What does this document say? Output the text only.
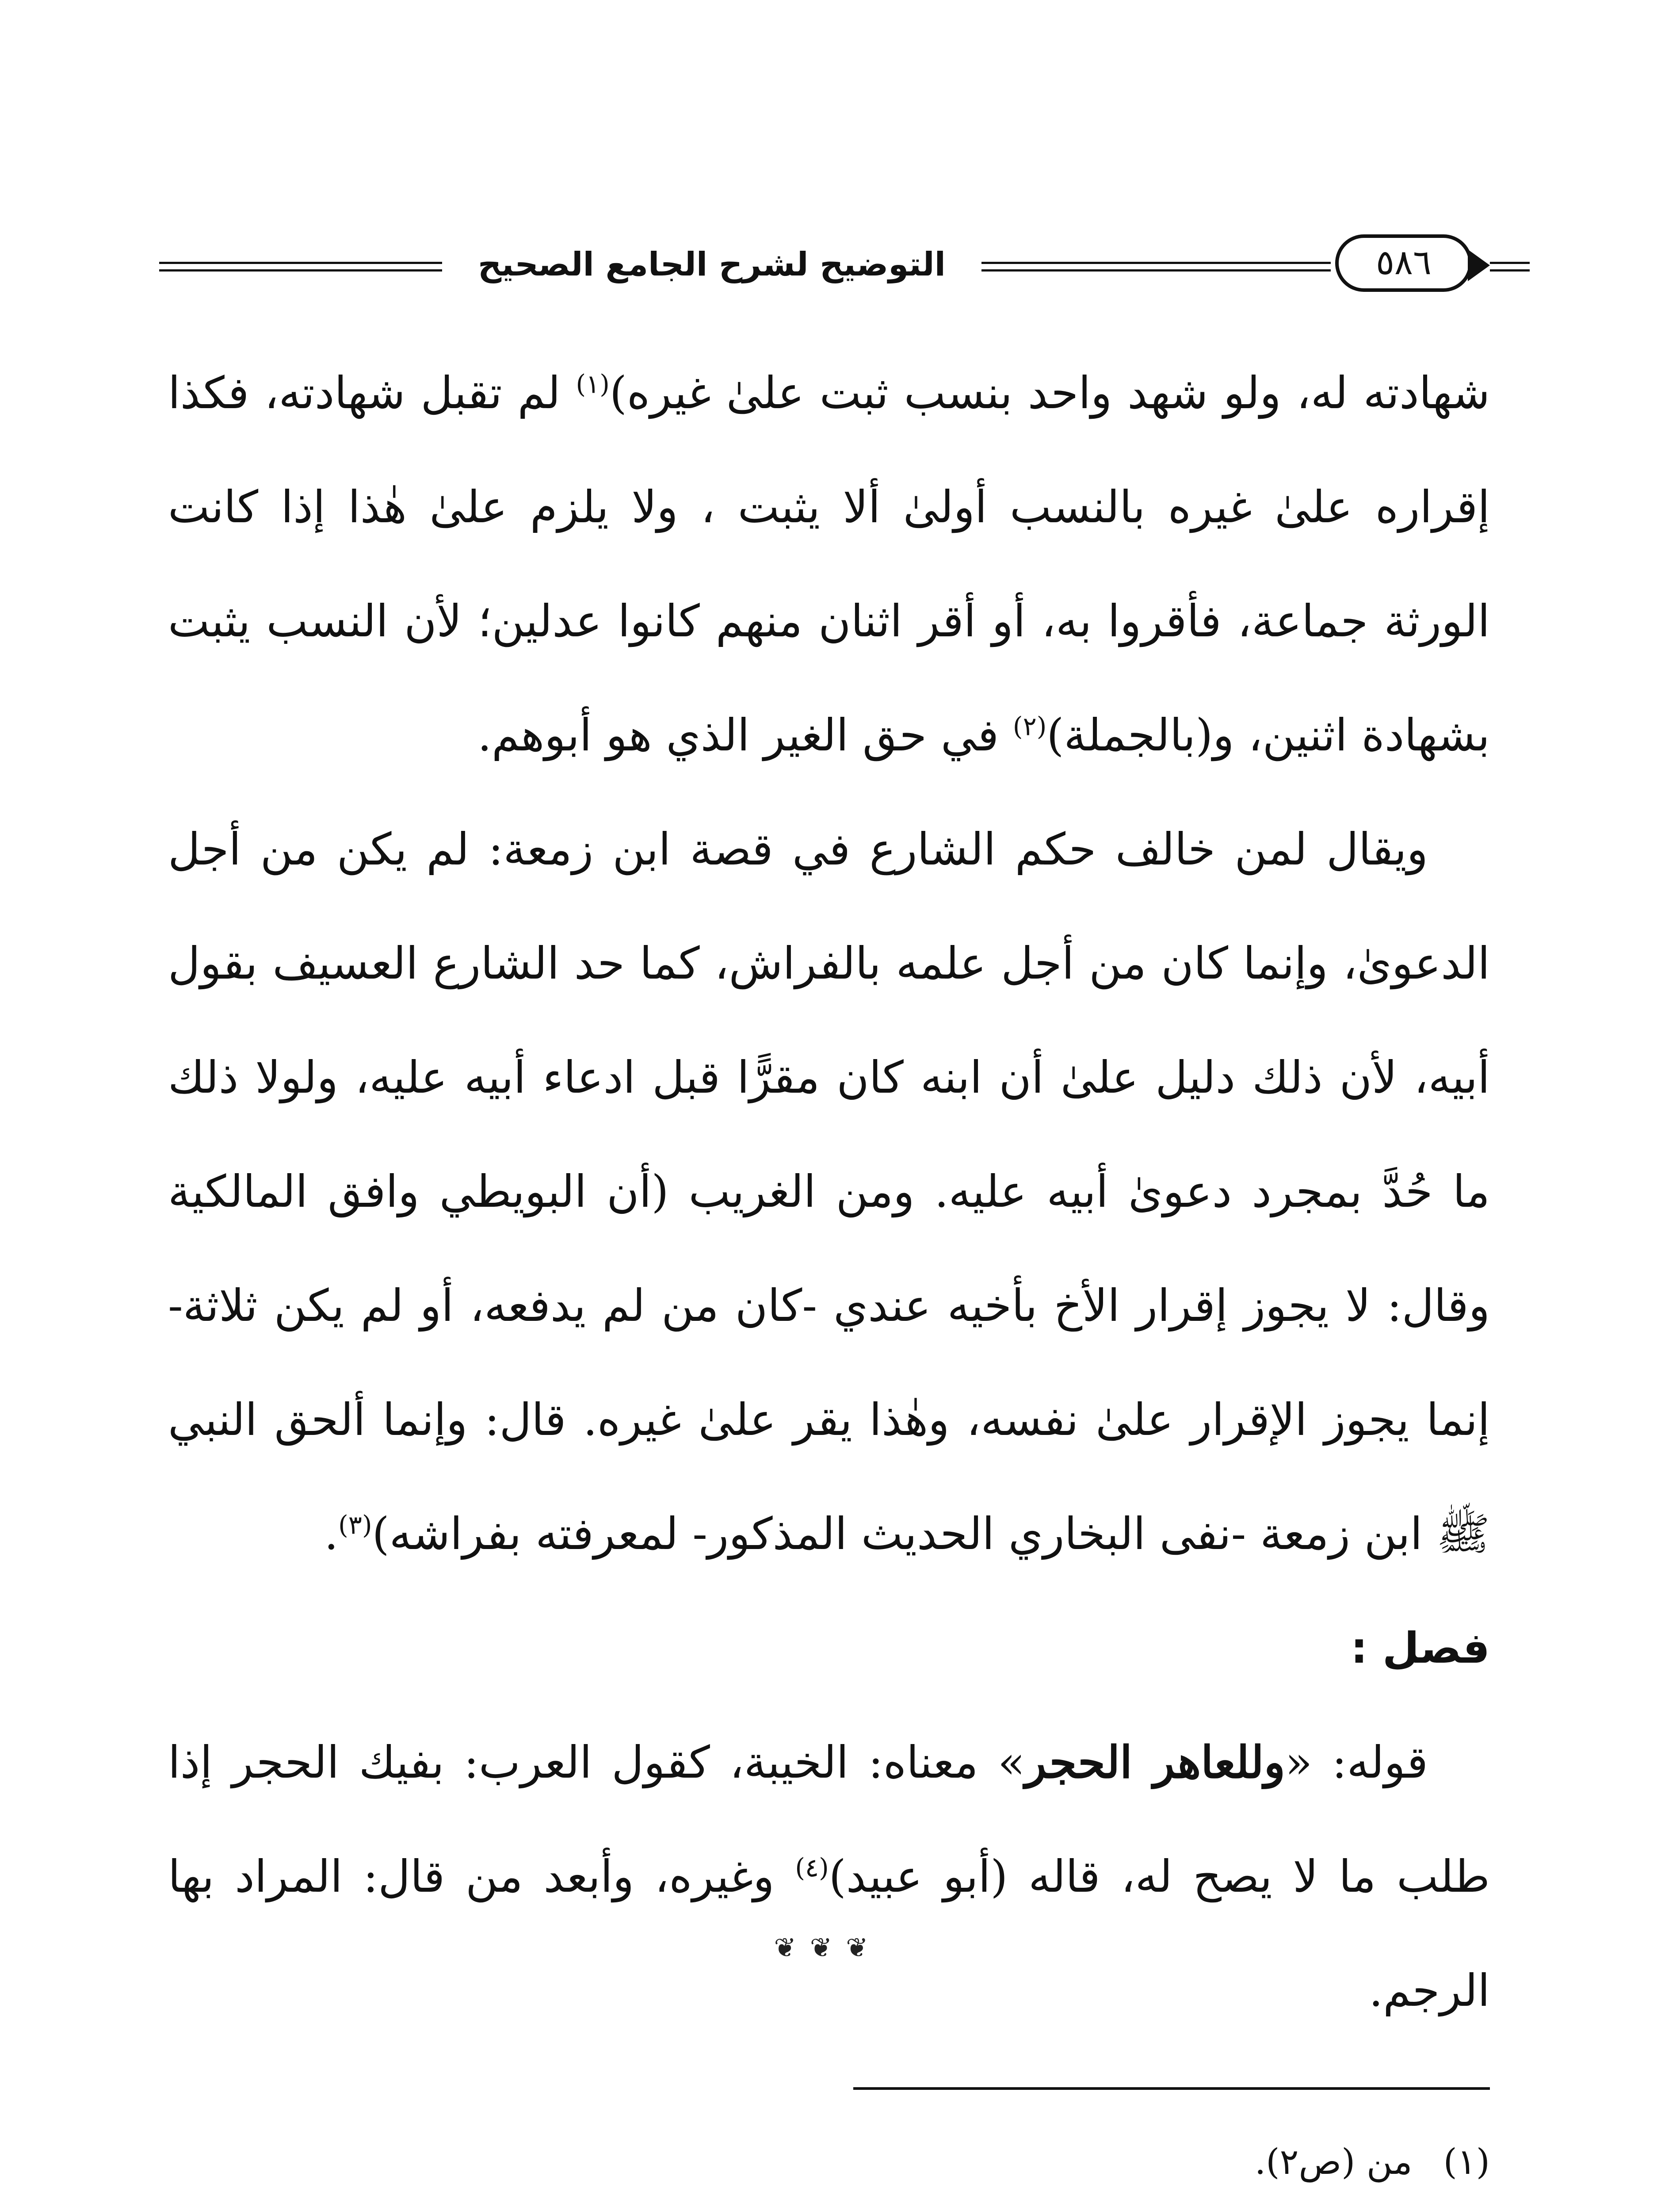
التوضيح لشرح الجامع الصحيح	٥٨٦

شهادته له، ولو شهد واحد بنسب ثبت علىٰ غيره)$^{(١)}$ لم تقبل شهادته، فكذا إقراره علىٰ غيره بالنسب أولىٰ ألا يثبت ، ولا يلزم علىٰ هٰذا إذا كانت الورثة جماعة، فأقروا به، أو أقر اثنان منهم كانوا عدلين؛ لأن النسب يثبت بشهادة اثنين، و(بالجملة)$^{(٢)}$ في حق الغير الذي هو أبوهم.

ويقال لمن خالف حكم الشارع في قصة ابن زمعة: لم يكن من أجل الدعوىٰ، وإنما كان من أجل علمه بالفراش، كما حد الشارع العسيف بقول أبيه، لأن ذلك دليل علىٰ أن ابنه كان مقرًّا قبل ادعاء أبيه عليه، ولولا ذلك ما حُدَّ بمجرد دعوىٰ أبيه عليه. ومن الغريب (أن البويطي وافق المالكية وقال: لا يجوز إقرار الأخ بأخيه عندي -كان من لم يدفعه، أو لم يكن ثلاثة- إنما يجوز الإقرار علىٰ نفسه، وهٰذا يقر علىٰ غيره. قال: وإنما ألحق النبي ﷺ ابن زمعة -نفى البخاري الحديث المذكور- لمعرفته بفراشه)$^{(٣)}$.

فصل :

قوله: «وللعاهر الحجر» معناه: الخيبة، كقول العرب: بفيك الحجر إذا طلب ما لا يصح له، قاله (أبو عبيد)$^{(٤)}$ وغيره، وأبعد من قال: المراد بها الرجم.

❦ ❦ ❦
(١) من (ص٢).
